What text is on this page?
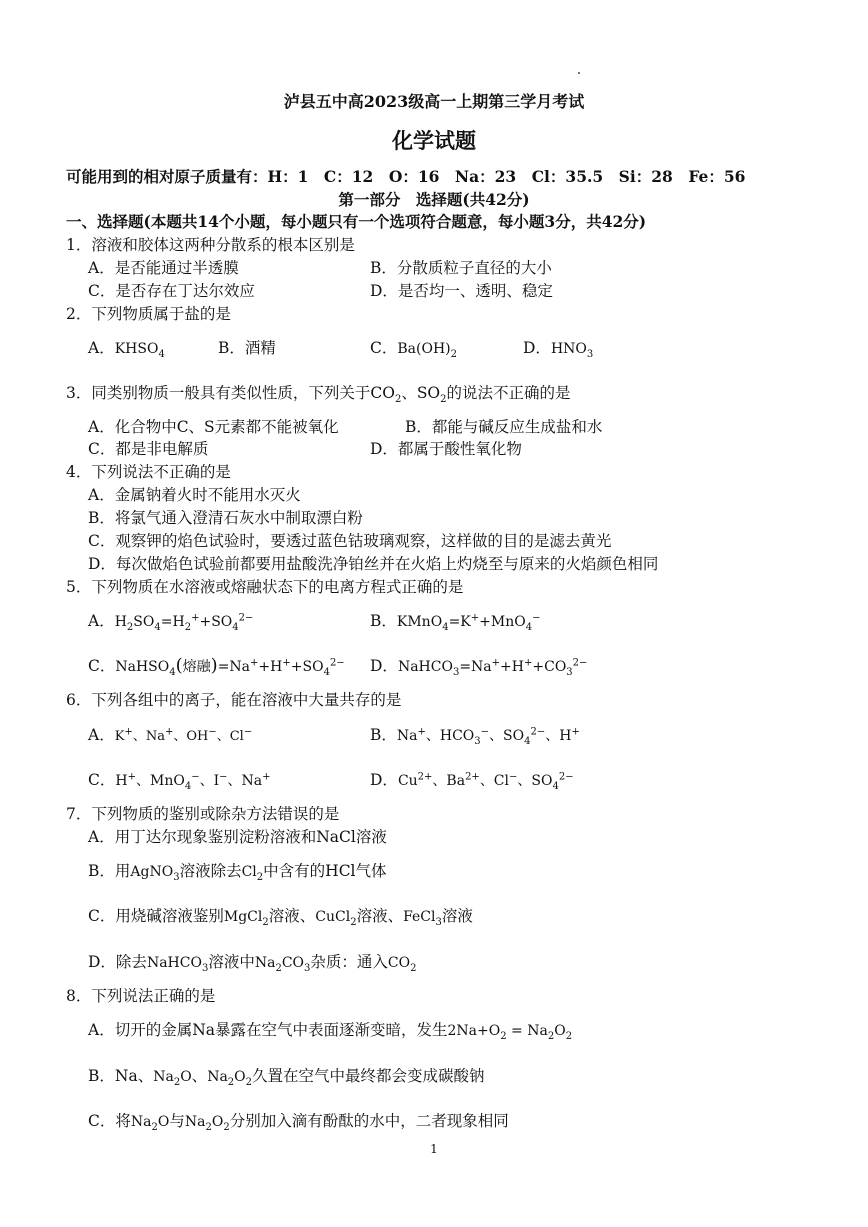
泸县五中高2023级高一上期第三学月考试
化学试题
可能用到的相对原子质量有：H：1　C：12　O：16　Na：23　Cl：35.5　Si：28　Fe：56
第一部分　选择题(共42分)
一、选择题(本题共14个小题，每小题只有一个选项符合题意，每小题3分，共42分)
1．溶液和胶体这两种分散系的根本区别是
A．是否能通过半透膜	B．分散质粒子直径的大小
C．是否存在丁达尔效应	D．是否均一、透明、稳定
2．下列物质属于盐的是
A．$KHSO_4$	B．酒精	C．$Ba(OH)_2$	D．$HNO_3$
3．同类别物质一般具有类似性质，下列关于$CO_2$、$SO_2$的说法不正确的是
A．化合物中C、S元素都不能被氧化	B．都能与碱反应生成盐和水
C．都是非电解质	D．都属于酸性氧化物
4．下列说法不正确的是
A．金属钠着火时不能用水灭火
B．将氯气通入澄清石灰水中制取漂白粉
C．观察钾的焰色试验时，要透过蓝色钴玻璃观察，这样做的目的是滤去黄光
D．每次做焰色试验前都要用盐酸洗净铂丝并在火焰上灼烧至与原来的火焰颜色相同
5．下列物质在水溶液或熔融状态下的电离方程式正确的是
A．$H_2SO_4=H_2^++SO_4^{2-}$	B．KMnO$_4$=K++MnO$_4$−
C．NaHSO$_4$(熔融)$=Na^++H^++SO_4^{2-}$ D．$NaHCO_3=Na^++H^++CO_3^{2-}$
6．下列各组中的离子，能在溶液中大量共存的是
A．K+、Na+、OH−、Cl−	B．Na+、$HCO_3^-$、$SO_4^{2-}$、H+
C．H+、MnO$_4$−、I−、Na+	D．$Cu^{2+}$、$Ba^{2+}$、Cl−、$SO_4^{2-}$
7．下列物质的鉴别或除杂方法错误的是
A．用丁达尔现象鉴别淀粉溶液和NaCl溶液
B．用AgNO$_3$溶液除去$Cl_2$中含有的HCl气体
C．用烧碱溶液鉴别MgCl$_2$溶液、CuCl$_2$溶液、FeCl$_3$溶液
D．除去NaHCO$_3$溶液中$Na_2CO_3$杂质：通入$CO_2$
8．下列说法正确的是
A．切开的金属Na暴露在空气中表面逐渐变暗，发生$2Na+O_2 = Na_2O_2$
B．Na、$Na_2O$、$Na_2O_2$久置在空气中最终都会变成碳酸钠
C．将$Na_2O$与$Na_2O_2$分别加入滴有酚酞的水中，二者现象相同
1
